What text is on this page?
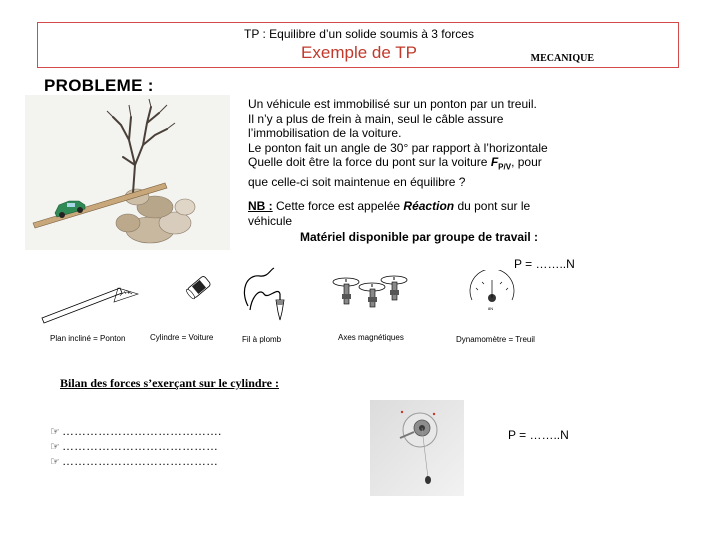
TP : Equilibre d’un solide soumis à 3 forces
Exemple de TP	MECANIQUE
PROBLEME :
Un véhicule est immobilisé sur un ponton par un treuil.
Il n’y a plus de frein à main, seul le câble assure
l’immobilisation de la voiture.
Le ponton fait un angle de 30° par rapport à l’horizontale
Quelle doit être la force du pont sur la voiture $F_{P/V}$, pour
que celle-ci soit maintenue en équilibre ?
NB : Cette force est appelée Réaction du pont sur le véhicule
Matériel disponible par groupe de travail :
P = ……..N
8N
Plan incliné = Ponton	Cylindre = Voiture	Fil à plomb	Axes magnétiques	Dynamomètre = Treuil
Bilan des forces s’exerçant sur le cylindre :
☞ ………………………………….
☞ …………………………………
☞ …………………………………
P = ……..N
